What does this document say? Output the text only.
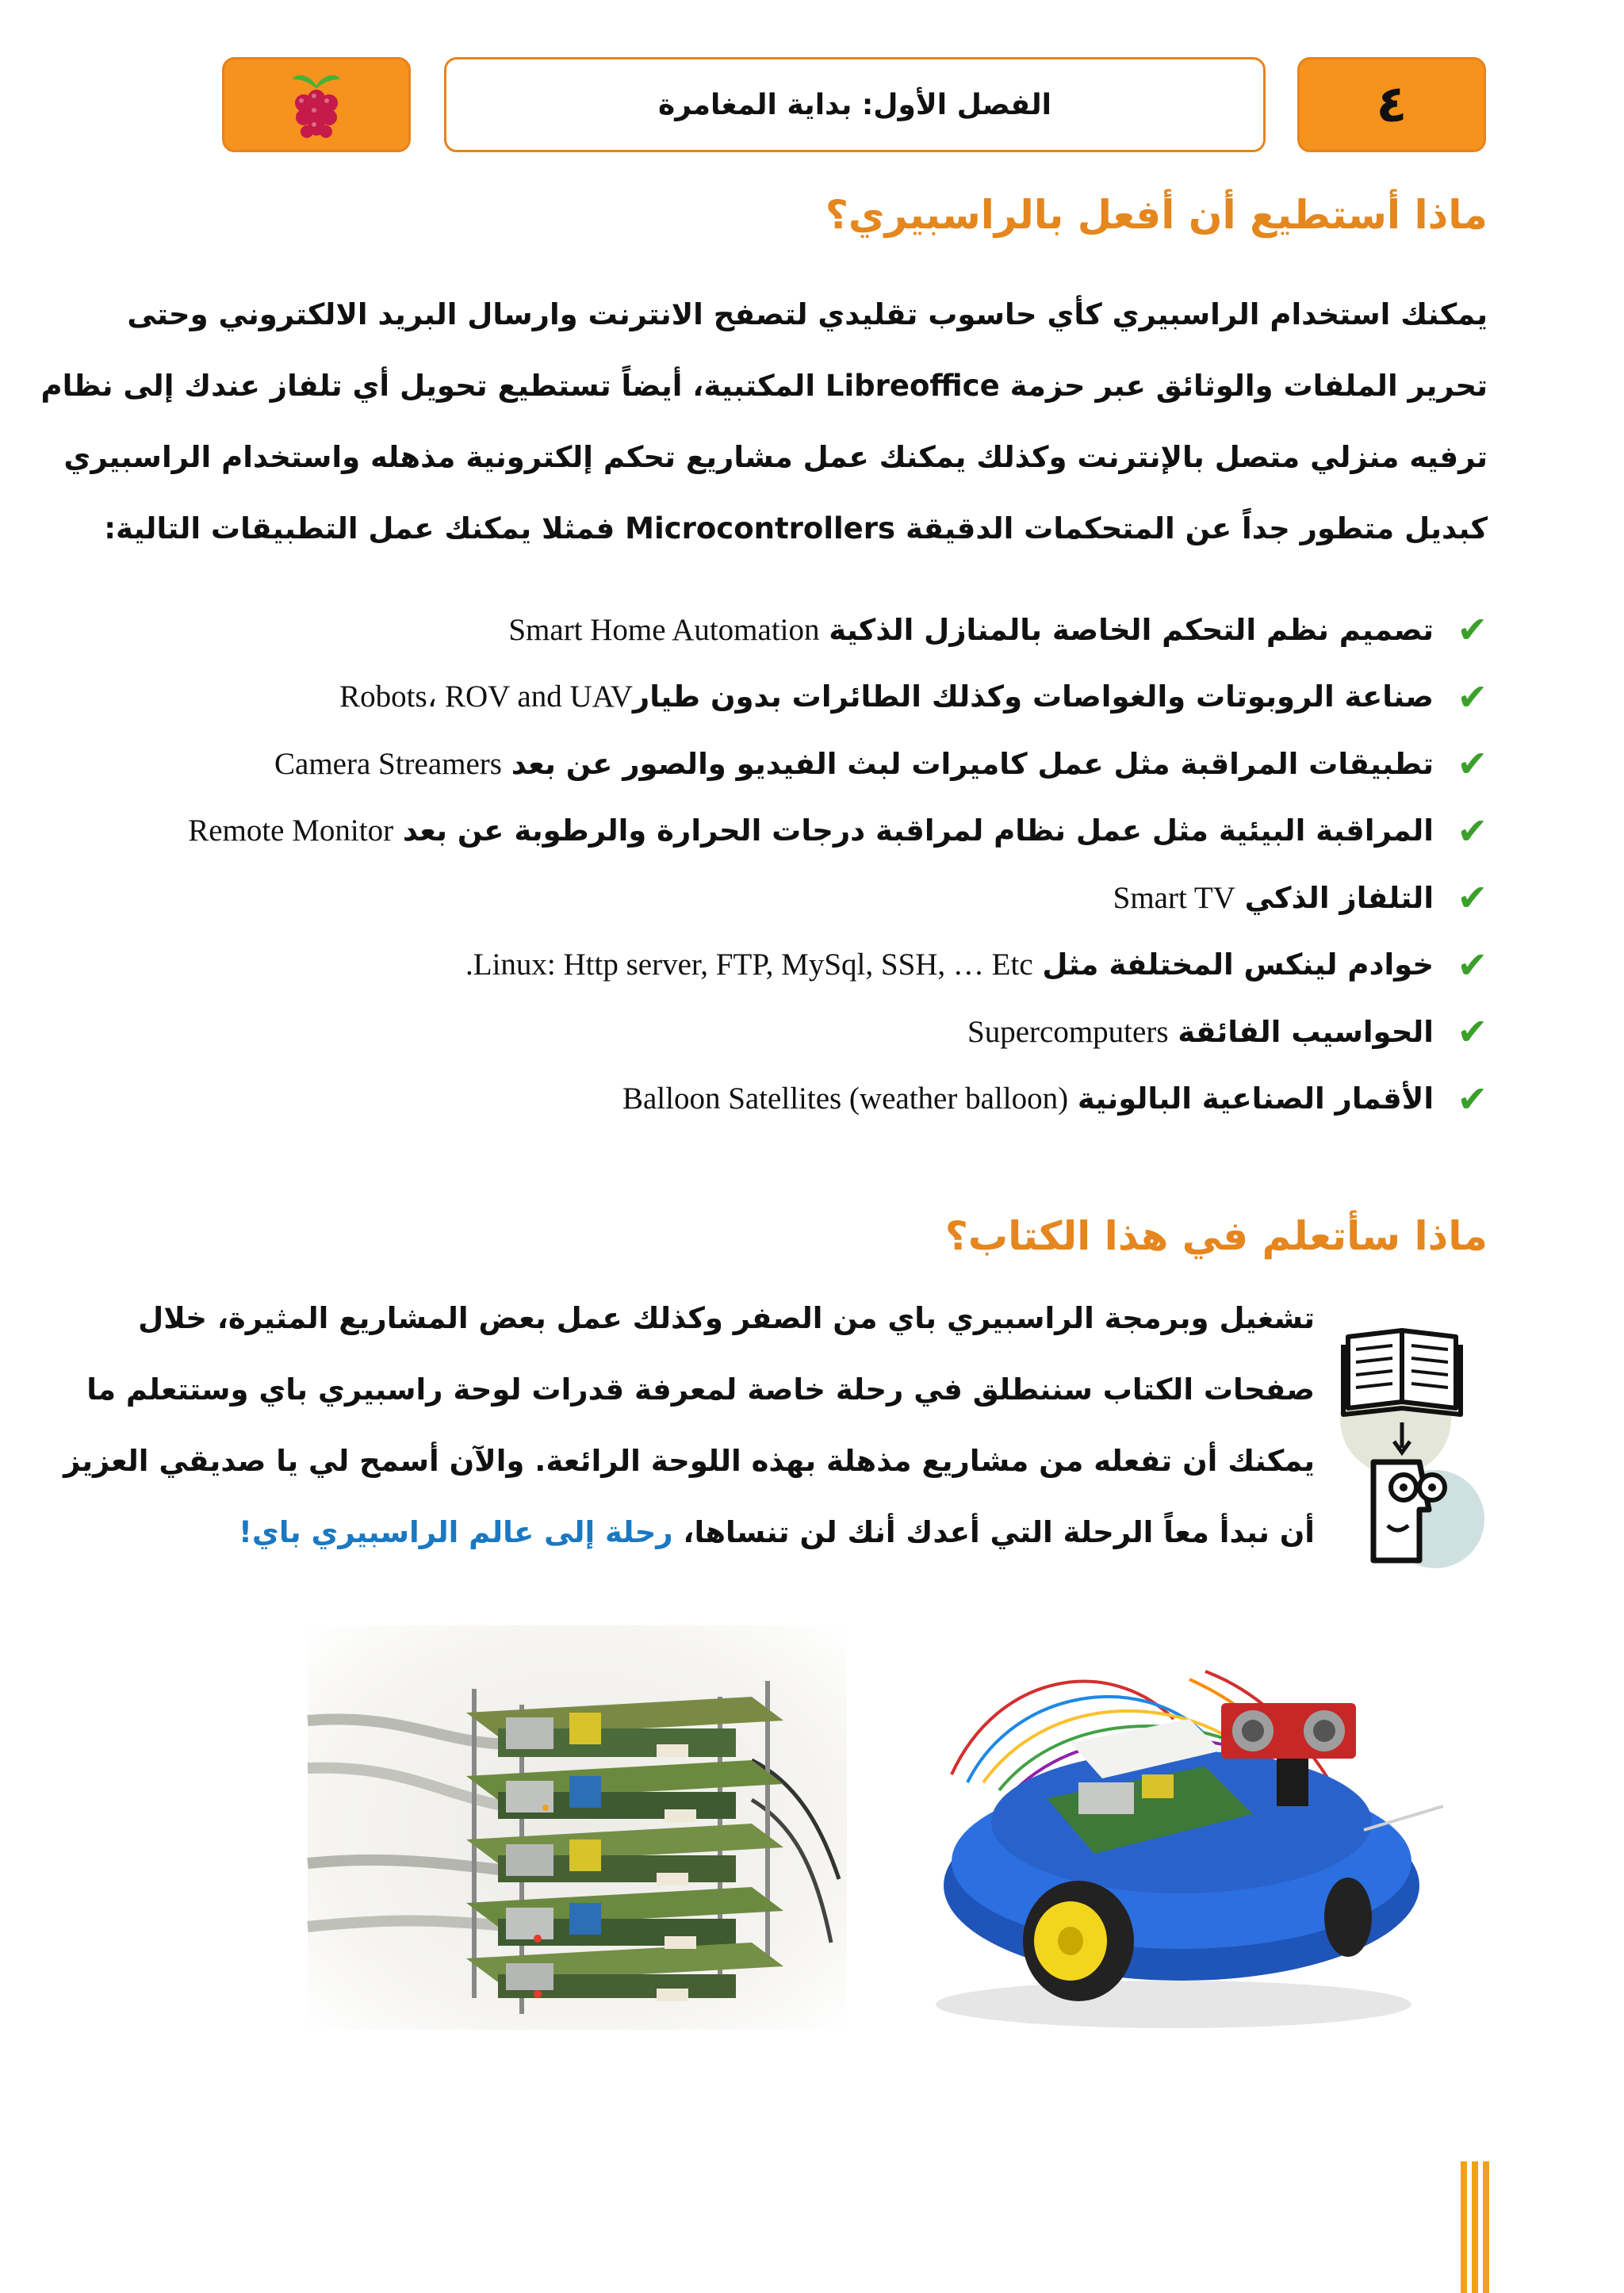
الفصل الأول: بداية المغامرة	٤
ماذا أستطيع أن أفعل بالراسبيري؟
يمكنك استخدام الراسبيري كأي حاسوب تقليدي لتصفح الانترنت وارسال البريد الالكتروني وحتى
تحرير الملفات والوثائق عبر حزمة Libreoffice المكتبية، أيضاً تستطيع تحويل أي تلفاز عندك إلى نظام
ترفيه منزلي متصل بالإنترنت وكذلك يمكنك عمل مشاريع تحكم إلكترونية مذهله واستخدام الراسبيري
كبديل متطور جداً عن المتحكمات الدقيقة Microcontrollers فمثلا يمكنك عمل التطبيقات التالية:
✔
تصميم نظم التحكم الخاصة بالمنازل الذكية

Smart Home Automation
✔
صناعة الروبوتات والغواصات وكذلك الطائرات بدون طيار
Robots، ROV and UAV
✔
تطبيقات المراقبة مثل عمل كاميرات لبث الفيديو والصور عن بعد

Camera Streamers
✔
المراقبة البيئية مثل عمل نظام لمراقبة درجات الحرارة والرطوبة عن بعد

Remote Monitor
✔
التلفاز الذكي

Smart TV
✔
خوادم لينكس المختلفة مثل

Linux: Http server, FTP, MySql, SSH, … Etc.
✔
الحواسيب الفائقة

Supercomputers
✔
الأقمار الصناعية البالونية

Balloon Satellites (weather balloon)
ماذا سأتعلم في هذا الكتاب؟
تشغيل وبرمجة الراسبيري باي من الصفر وكذلك عمل بعض المشاريع المثيرة، خلال
صفحات الكتاب سننطلق في رحلة خاصة لمعرفة قدرات لوحة راسبيري باي وستتعلم ما
يمكنك أن تفعله من مشاريع مذهلة بهذه اللوحة الرائعة. والآن أسمح لي يا صديقي العزيز
أن نبدأ معاً الرحلة التي أعدك أنك لن تنساها، رحلة إلى عالم الراسبيري باي!
